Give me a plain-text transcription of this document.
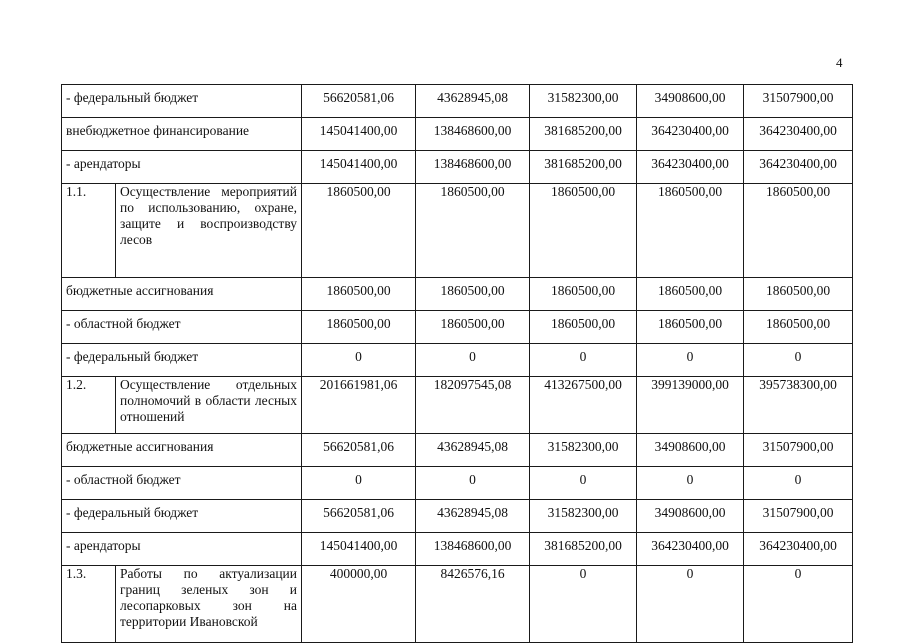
4
- федеральный бюджет		56620581,06	43628945,08	31582300,00	34908600,00	31507900,00
внебюджетное финансирование		145041400,00	138468600,00	381685200,00	364230400,00	364230400,00
- арендаторы		145041400,00	138468600,00	381685200,00	364230400,00	364230400,00
1.1.	Осуществление мероприятий по использованию, охране, защите и воспроизводству лесов	1860500,00	1860500,00	1860500,00	1860500,00	1860500,00
бюджетные ассигнования		1860500,00	1860500,00	1860500,00	1860500,00	1860500,00
- областной бюджет		1860500,00	1860500,00	1860500,00	1860500,00	1860500,00
- федеральный бюджет		0	0	0	0	0
1.2.	Осуществление отдельных полномочий в области лесных отношений	201661981,06	182097545,08	413267500,00	399139000,00	395738300,00
бюджетные ассигнования		56620581,06	43628945,08	31582300,00	34908600,00	31507900,00
- областной бюджет		0	0	0	0	0
- федеральный бюджет		56620581,06	43628945,08	31582300,00	34908600,00	31507900,00
- арендаторы		145041400,00	138468600,00	381685200,00	364230400,00	364230400,00
1.3.	Работы по актуализации границ зеленых зон и лесопарковых зон на территории Ивановской	400000,00	8426576,16	0	0	0
